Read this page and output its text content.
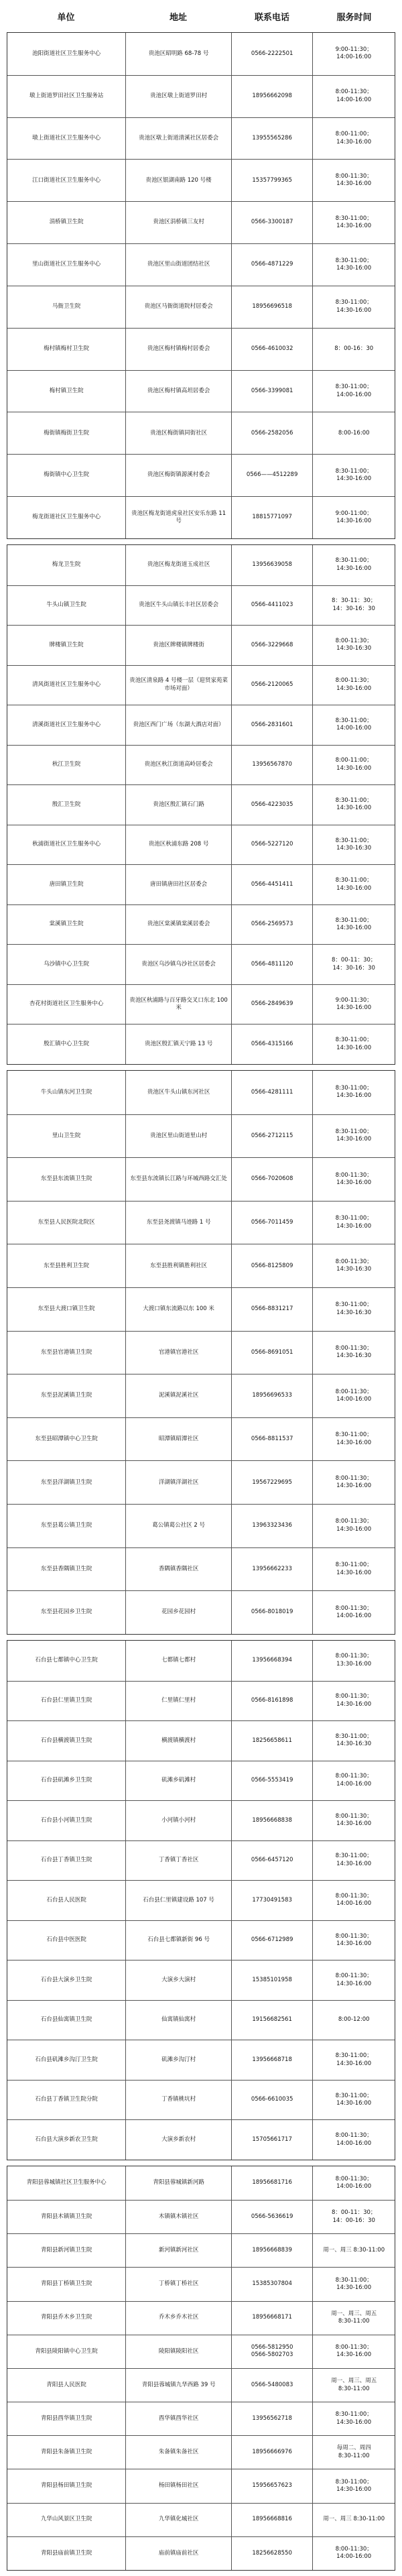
单位	地址	联系电话	服务时间
池阳街道社区卫生服务中心	贵池区昭明路 68-78 号	0566-2222501
9:00-11:30；
14:00-16:00
墩上街道罗田社区卫生服务站	贵池区墩上街道罗田村	18956662098
8:00-11:30；
14:00-16:00
墩上街道社区卫生服务中心	贵池区墩上街道清溪社区居委会	13955565286
8:00-11:00；
14:30-16:00
江口街道社区卫生服务中心	贵池区银湖南路 120 号楼	15357799365
8:00-11:30；
14:30-16:00
涓桥镇卫生院	贵池区涓桥镇三友村	0566-3300187
8:30-11:00；
14:30-16:00
里山街道社区卫生服务中心	贵池区里山街道团结社区	0566-4871229
8:30-11:00；
14:30-16:00
马衙卫生院	贵池区马衙街道院村居委会	18956696518
8:30-11:00；
14:30-16:00
梅村镇梅村卫生院	贵池区梅村镇梅村居委会	0566-4610032	8：00-16：30
梅村镇卫生院	贵池区梅村镇高坦居委会	0566-3399081
8:30-11:00；
14:00-16:00
梅街镇梅街卫生院	贵池区梅街镇同街社区	0566-2582056	8:00-16:00
梅街镇中心卫生院	贵池区梅街镇源溪村委会	0566——4512289
8:30-11:00；
14:30-16:00
梅龙街道社区卫生服务中心
贵池区梅龙街道虎泉社区安乐东路 11 号
18815771097
9:00-11:00；
14:30-16:00
梅龙卫生院	贵池区梅龙街道玉成社区	13956639058
8:30-11:00；
14:30-16:00
牛头山镇卫生院	贵池区牛头山镇长丰社区居委会	0566-4411023
8：30-11：30；
14：30-16：30
牌楼镇卫生院	贵池区牌楼镇牌楼街	0566-3229668
8:00-11:30；
14:30-16:30
清风街道社区卫生服务中心
贵池区清泉路 4 号楼一层（迎贤家苑菜市场对面）
0566-2120065
8:00-11:30；
14:30-16:00
清溪街道社区卫生服务中心	贵池区西门广场（东湖大酒店对面）	0566-2831601
8:30-11:00；
14:00-16:00
秋江卫生院	贵池区秋江街道高岭居委会	13956567870
8:00-11:00；
14:30-16:00
殷汇卫生院	贵池区殷汇镇石门路	0566-4223035
8:30-11:00；
14:30-16:00
秋浦街道社区卫生服务中心	贵池区秋浦东路 208 号	0566-5227120
8:30-11:00；
14:30-16:30
唐田镇卫生院	唐田镇唐田社区居委会	0566-4451411
8:30-11:00；
14:30-16:00
棠溪镇卫生院	贵池区棠溪镇棠溪居委会	0566-2569573
8:30-11:00；
14:30-16:00
乌沙镇中心卫生院	贵池区乌沙镇乌沙社区居委会	0566-4811120
8：00-11：30；
14：30-16：30
杏花村街道社区卫生服务中心
贵池区秋浦路与百牙路交叉口东北 100 米
0566-2849639
9:00-11:30；
14:30-16:00
殷汇镇中心卫生院	贵池区殷汇镇天宁路 13 号	0566-4315166
8:30-11:00；
14:30-16:00
牛头山镇东河卫生院	贵池区牛头山镇东河社区	0566-4281111
8:30-11:00；
14:30-16:00
里山卫生院	贵池区里山街道里山村	0566-2712115
8:30-11:00；
14:30-16:00
东至县东流镇卫生院	东至县东流镇长江路与环城西路交汇处	0566-7020608
8:00-11:30；
14:30-16:00
东至县人民医院北院区	东至县尧渡镇马迹路 1 号	0566-7011459
8:30-11:00；
14:30-16:00
东至县胜利卫生院	东至县胜利镇胜利社区	0566-8125809
8:00-11:30；
14:30-16:30
东至县大渡口镇卫生院	大渡口镇东流路以东 100 米	0566-8831217
8:30-11:00；
14:30-16:30
东至县官港镇卫生院	官港镇官港社区	0566-8691051
8:00-11:30；
14:30-16:30
东至县泥溪镇卫生院	泥溪镇泥溪社区	18956696533
8:00-11:30；
14:00-16:00
东至县昭潭镇中心卫生院	昭潭镇昭潭社区	0566-8811537
8:30-11:00；
14:30-16:00
东至县洋湖镇卫生院	洋湖镇洋湖社区	19567229695
8:00-11:30；
14:30-16:00
东至县葛公镇卫生院	葛公镇葛公社区 2 号	13963323436
8:00-11:30；
14:30-16:00
东至县香隅镇卫生院	香隅镇香隅社区	13956662233
8:30-11:00；
14:30-16:00
东至县花园乡卫生院	花园乡花园村	0566-8018019
8:00-11:30；
14:00-16:00
石台县七都镇中心卫生院	七都镇七都村	13956668394
8:00-11:30；
13:30-16:00
石台县仁里镇卫生院	仁里镇仁里村	0566-8161898
8:00-11:30；
14:30-16:00
石台县横渡镇卫生院	横渡镇横渡村	18256658611
8:30-11:00；
14:30-16:30
石台县矶滩乡卫生院	矶滩乡矶滩村	0566-5553419
8:00-11:30；
14:00-16:00
石台县小河镇卫生院	小河镇小河村	18956668838
8:00-11:30；
14:30-16:00
石台县丁香镇卫生院	丁香镇丁香社区	0566-6457120
8:30-11:00；
14:30-16:00
石台县人民医院	石台县仁里镇建设路 107 号	17730491583
8:00-11:30；
14:00-16:00
石台县中医医院	石台县七都镇新街 96 号	0566-6712989
8:00-11:30；
14:30-16:00
石台县大演乡卫生院	大演乡大演村	15385101958
8:00-11:30；
14:30-16:00
石台县仙寓镇卫生院	仙寓镇仙寓村	19156682561	8:00-12:00
石台县矶滩乡沟汀卫生院	矶滩乡沟汀村	13956668718
8:30-11:00；
14:30-16:00
石台县丁香镇卫生院分院	丁香镇桃坑村	0566-6610035
8:30-11:00；
14:30-16:00
石台县大演乡新农卫生院	大演乡新农村	15705661717
8:00-11:30；
14:00-16:00
青阳县蓉城镇社区卫生服务中心	青阳县蓉城镇新河路	18956681716
8:00-11:30；
14:00-16:00
青阳县木镇镇卫生院	木镇镇木镇社区	0566-5636619
8：00-11：30；
14：00-16：30
青阳县新河镇卫生院	新河镇新河社区	18956668839	周一、周三 8:30-11:00
青阳县丁桥镇卫生院	丁桥镇丁桥社区	15385307804
8:30-11:00；
14:30-16:00
青阳县乔木乡卫生院	乔木乡乔木社区	18956668171
周一、周三、周五
8:30-11:00
青阳县陵阳镇中心卫生院	陵阳镇陵阳社区
0566-5812950
0566-5802703
8:00-11:30；
14:30-16:00
青阳县人民医院	青阳县蓉城镇九华西路 39 号	0566-5480083
周一、周三、周五
8:30-11:00
青阳县酉华镇卫生院	酉华镇酉华社区	13956562718
8:30-11:00；
14:30-16:00
青阳县朱备镇卫生院	朱备镇朱备社区	18956666976
每周二、周四
8:30-11:00
青阳县杨田镇卫生院	杨田镇杨田社区	15956657623
8:30-11:00；
14:30-16:00
九华山风景区卫生院	九华镇化城社区	18956668816	周一、周三 8:30-11:00
青阳县庙前镇卫生院	庙前镇庙前社区	18256628550
8:00-11:30；
14:00-16:00
